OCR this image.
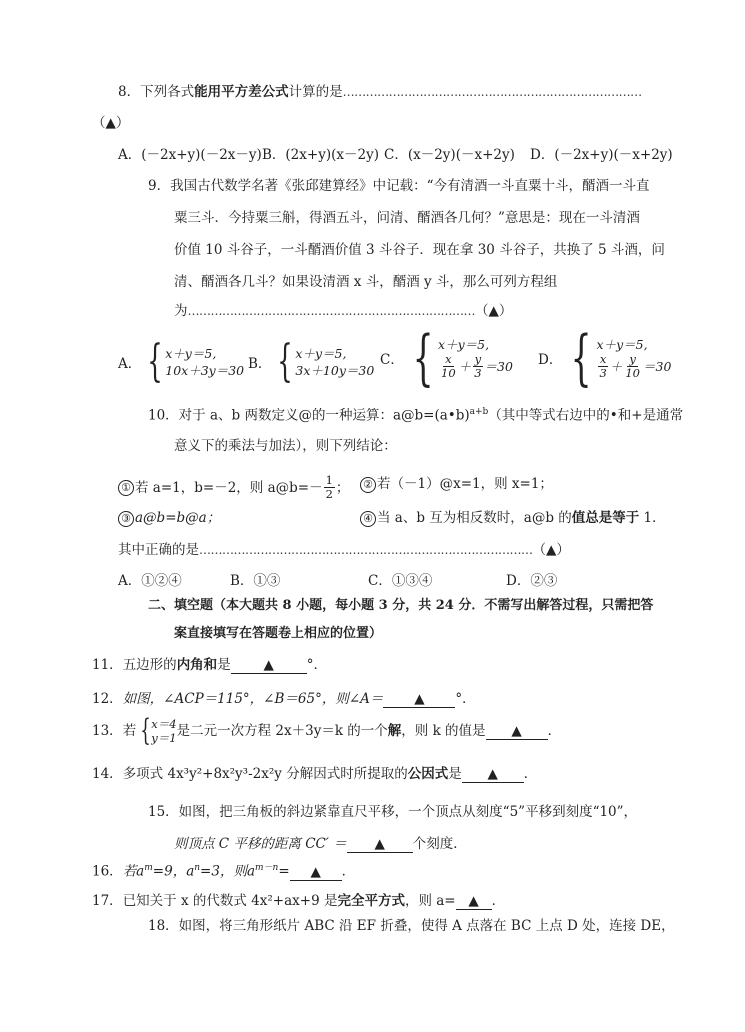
8．下列各式能用平方差公式计算的是……………………………………………………………………
（▲）
A．(－2x+y)(－2x－y) B．(2x+y)(x－2y) C．(x－2y)(－x+2y) D．(－2x+y)(－x+2y)
9．我国古代数学名著《张邱建算经》中记载：“今有清酒一斗直粟十斗，醑酒一斗直
粟三斗．今持粟三斛，得酒五斗，问清、醑酒各几何？”意思是：现在一斗清酒
价值 10 斗谷子，一斗醑酒价值 3 斗谷子．现在拿 30 斗谷子，共换了 5 斗酒，问
清、醑酒各几斗？如果设清酒 x 斗，醑酒 y 斗，那么可列方程组
为…………………………………………………………………（▲）
A． { x＋y＝5,
10x＋3y＝30 B． { x＋y＝5,
3x＋10y＝30
C． { x＋y＝5,
$\frac{x}{10} + \frac{y}{3} =30$ D． { x＋y＝5,
$\frac{x}{3} + \frac{y}{10} =30$
10．对于 a、b 两数定义@的一种运算：a@b=(a•b)$^{a+b}$（其中等式右边中的•和+是通常
意义下的乘法与加法），则下列结论：
① 若 a=1，b=－2，则 a@b=－ $\frac{1}{2}$ ； ② 若（－1）@x=1，则 x=1；
③ a@b=b@a；	④ 当 a、b 互为相反数时，a@b 的值总是等于 1．
其中正确的是……………………………………………………………………………（▲）
A．①②④	B．①③	C．①③④	D．②③
二、填空题（本大题共 8 小题，每小题 3 分，共 24 分．不需写出解答过程，只需把答
案直接填写在答题卷上相应的位置）
11．五边形的内角和是 ▲ °．
12．如图，∠ACP＝115°，∠B＝65°，则∠A＝ ▲ °．
13． 若 { x＝4
y＝1 是二元一次方程 2x＋3y＝k 的一个 解 ，则 k 的值是	▲	．
14．多项式 4x³y²+8x²y³-2x²y 分解因式时所提取的公因式是 ▲ ．
15．如图，把三角板的斜边紧靠直尺平移，一个顶点从刻度“5”平移到刻度“10”，
则顶点 C 平移的距离 CC′ ＝ ▲ 个刻度．
16．若$a^m=9$，$a^n=3$，则$a^{m-n}=$ ▲ ．
17．已知关于 x 的代数式 4x²+ax+9 是完全平方式，则 a= ▲ ．
18．如图，将三角形纸片 ABC 沿 EF 折叠，使得 A 点落在 BC 上点 D 处，连接 DE，
